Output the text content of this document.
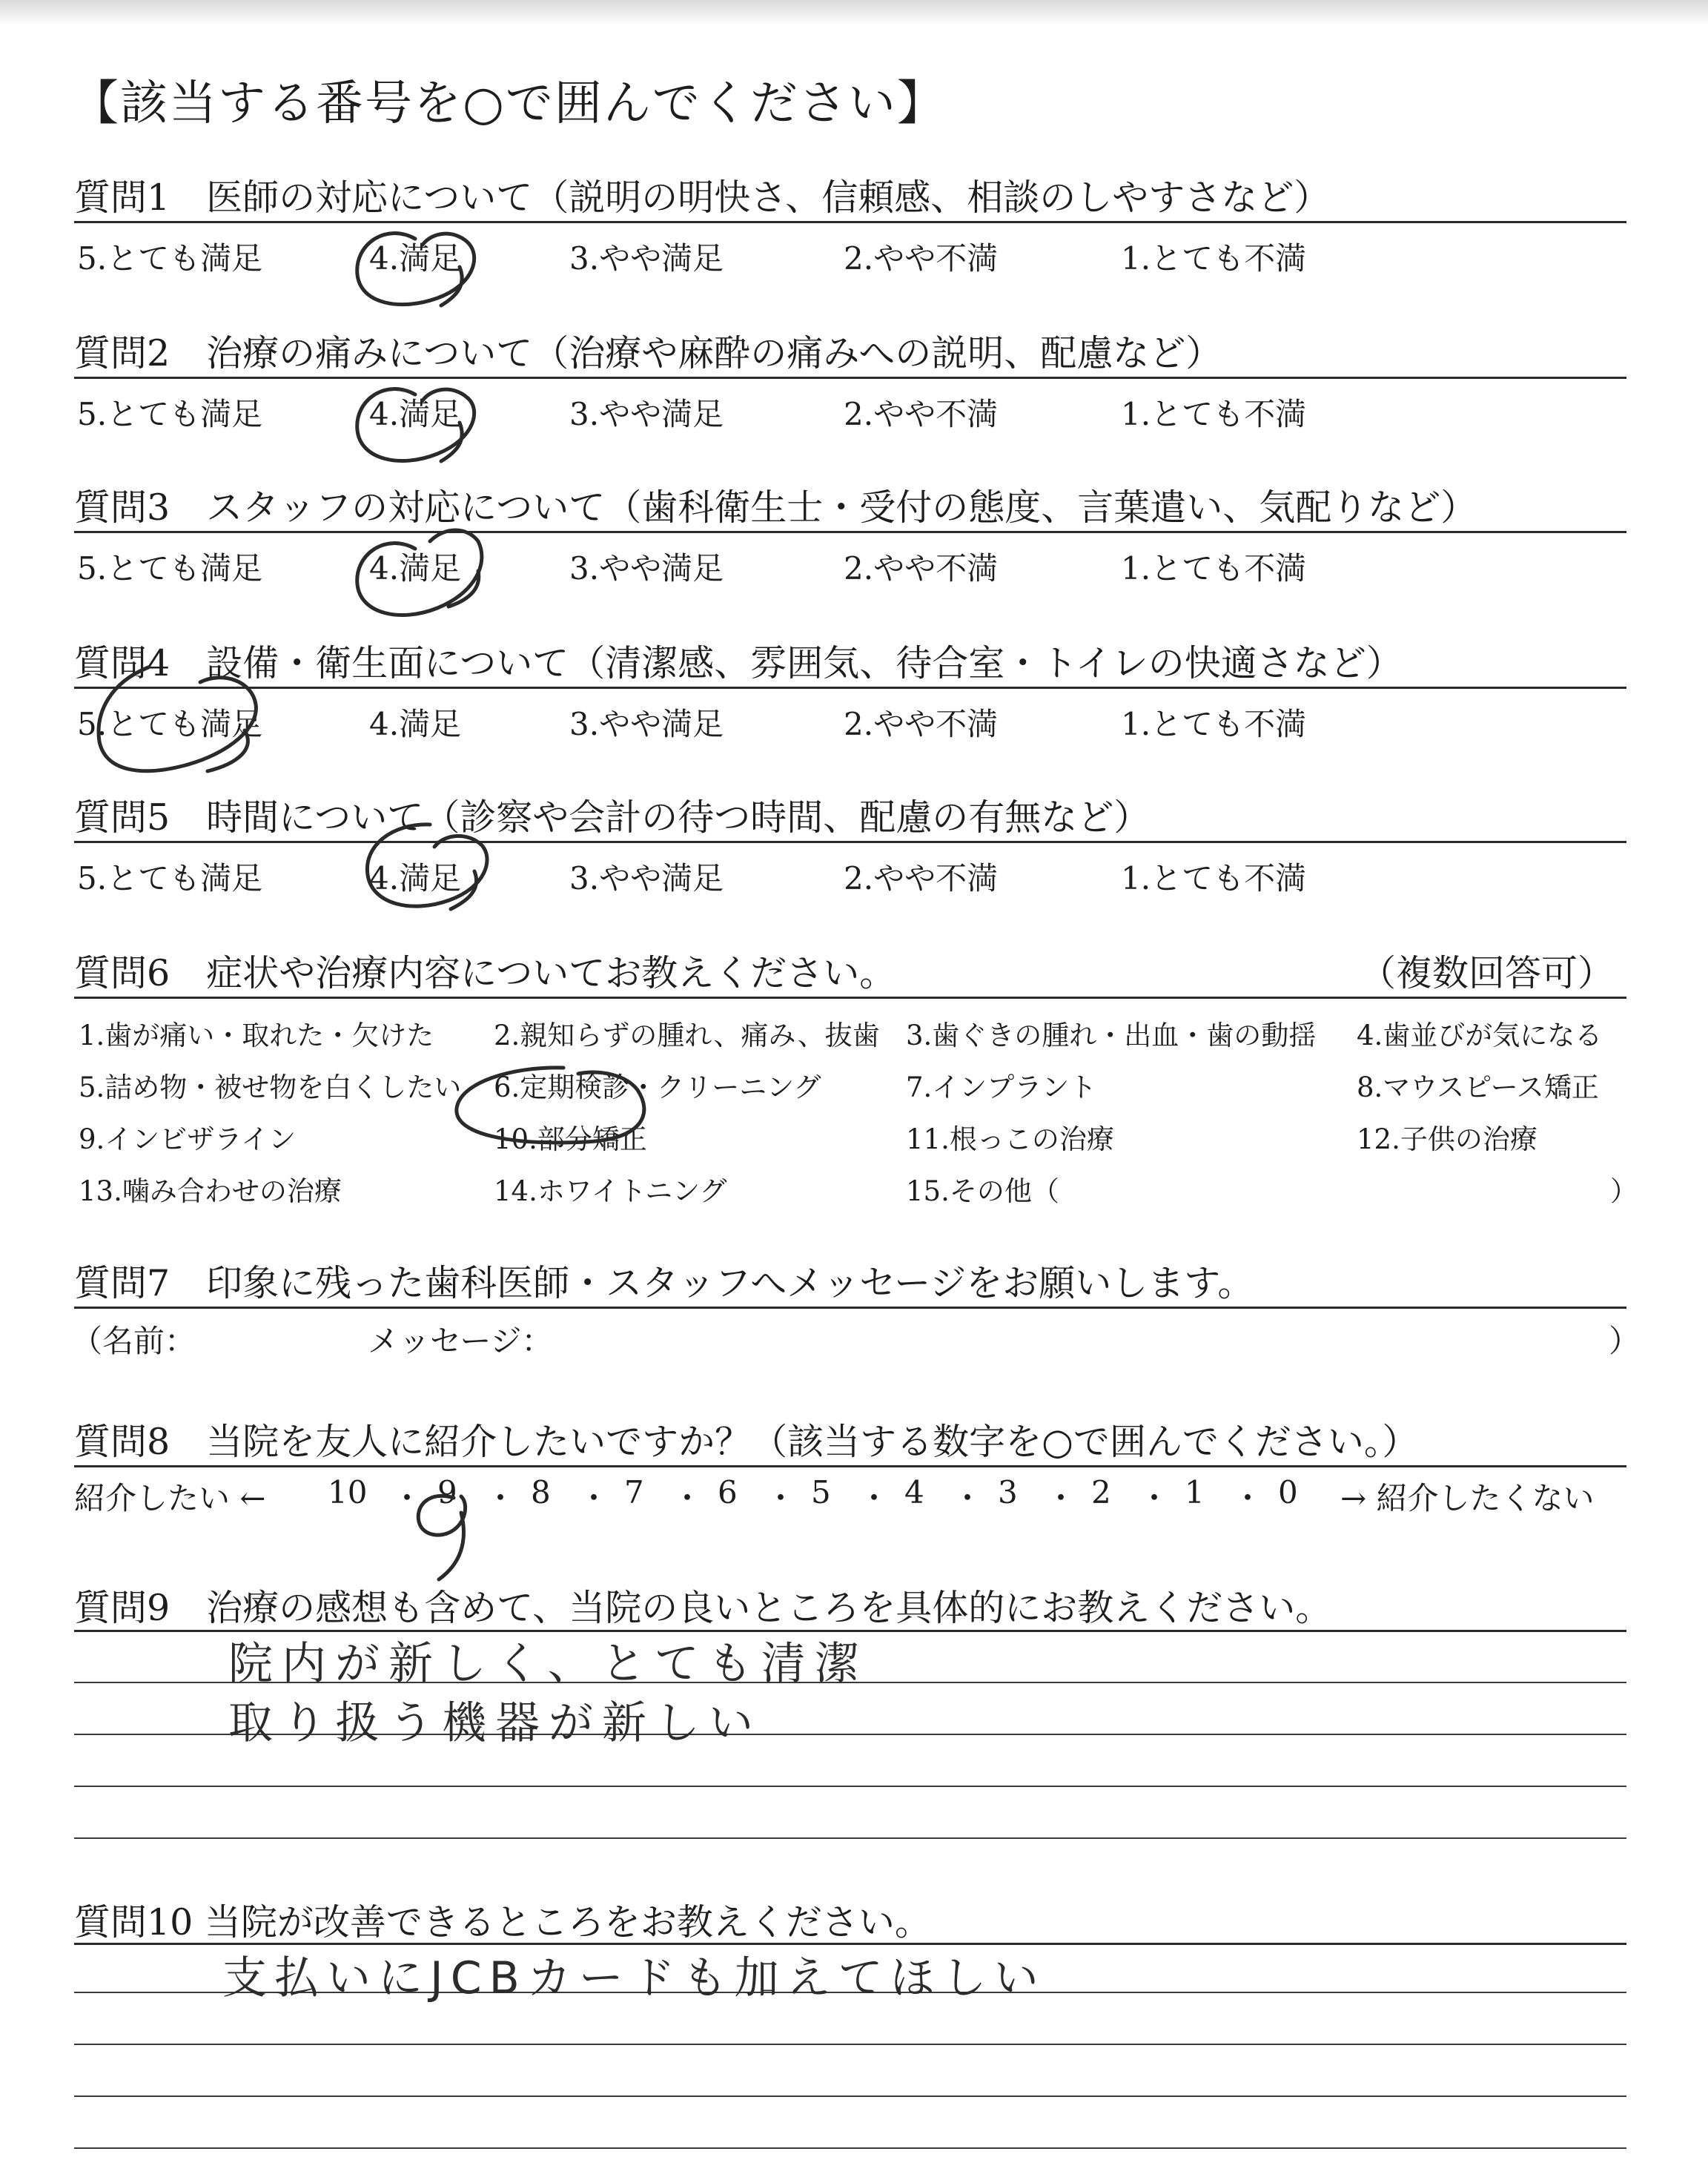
【該当する番号を○で囲んでください】
質問1　医師の対応について（説明の明快さ、信頼感、相談のしやすさなど）
5.とても満足	4.満足	3.やや満足	2.やや不満	1.とても不満
質問2　治療の痛みについて（治療や麻酔の痛みへの説明、配慮など）
5.とても満足	4.満足	3.やや満足	2.やや不満	1.とても不満
質問3　スタッフの対応について（歯科衛生士・受付の態度、言葉遣い、気配りなど）
5.とても満足	4.満足	3.やや満足	2.やや不満	1.とても不満
質問4　設備・衛生面について（清潔感、雰囲気、待合室・トイレの快適さなど）
5.とても満足	4.満足	3.やや満足	2.やや不満	1.とても不満
質問5　時間について（診察や会計の待つ時間、配慮の有無など）
5.とても満足	4.満足	3.やや満足	2.やや不満	1.とても不満
質問6　症状や治療内容についてお教えください。	（複数回答可）
1.歯が痛い・取れた・欠けた 2.親知らずの腫れ、痛み、抜歯 3.歯ぐきの腫れ・出血・歯の動揺 4.歯並びが気になる
5.詰め物・被せ物を白くしたい 6.定期検診・クリーニング	7.インプラント	8.マウスピース矯正
9.インビザライン	10.部分矯正	11.根っこの治療	12.子供の治療
13.噛み合わせの治療	14.ホワイトニング	15.その他（	）
質問7　印象に残った歯科医師・スタッフへメッセージをお願いします。
（名前：	メッセージ：	）
質問8　当院を友人に紹介したいですか？（該当する数字を○で囲んでください。）
紹介したい ← 10 ・ 9 ・ 8 ・ 7 ・ 6 ・ 5 ・ 4 ・ 3 ・ 2 ・ 1 ・ 0 → 紹介したくない
質問9　治療の感想も含めて、当院の良いところを具体的にお教えください。
院内が新しく、とても清潔
取り扱う機器が新しい
質問10 当院が改善できるところをお教えください。
支払いにJCBカードも加えてほしい
